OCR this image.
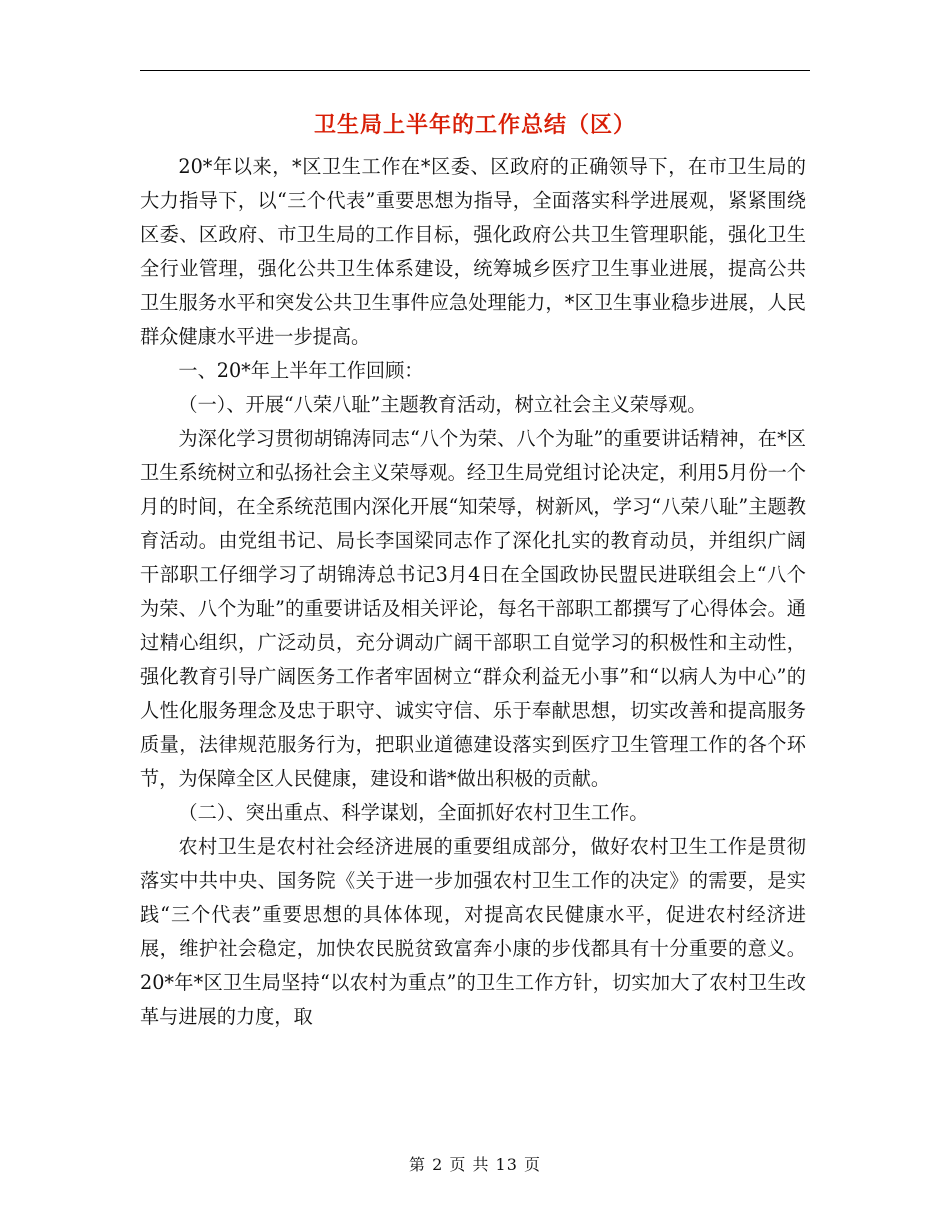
卫生局上半年的工作总结（区）

20*年以来，*区卫生工作在*区委、区政府的正确领导下，在市卫生局的大力指导下，以“三个代表”重要思想为指导，全面落实科学进展观，紧紧围绕区委、区政府、市卫生局的工作目标，强化政府公共卫生管理职能，强化卫生全行业管理，强化公共卫生体系建设，统筹城乡医疗卫生事业进展，提高公共卫生服务水平和突发公共卫生事件应急处理能力，*区卫生事业稳步进展，人民群众健康水平进一步提高。

一、20*年上半年工作回顾：

（一）、开展“八荣八耻”主题教育活动，树立社会主义荣辱观。

为深化学习贯彻胡锦涛同志“八个为荣、八个为耻”的重要讲话精神，在*区卫生系统树立和弘扬社会主义荣辱观。经卫生局党组讨论决定，利用5月份一个月的时间，在全系统范围内深化开展“知荣辱，树新风，学习“八荣八耻”主题教育活动。由党组书记、局长李国梁同志作了深化扎实的教育动员，并组织广阔干部职工仔细学习了胡锦涛总书记3月4日在全国政协民盟民进联组会上“八个为荣、八个为耻”的重要讲话及相关评论，每名干部职工都撰写了心得体会。通过精心组织，广泛动员，充分调动广阔干部职工自觉学习的积极性和主动性，强化教育引导广阔医务工作者牢固树立“群众利益无小事”和“以病人为中心”的人性化服务理念及忠于职守、诚实守信、乐于奉献思想，切实改善和提高服务质量，法律规范服务行为，把职业道德建设落实到医疗卫生管理工作的各个环节，为保障全区人民健康，建设和谐*做出积极的贡献。

（二）、突出重点、科学谋划，全面抓好农村卫生工作。

农村卫生是农村社会经济进展的重要组成部分，做好农村卫生工作是贯彻落实中共中央、国务院《关于进一步加强农村卫生工作的决定》的需要，是实践“三个代表”重要思想的具体体现，对提高农民健康水平，促进农村经济进展，维护社会稳定，加快农民脱贫致富奔小康的步伐都具有十分重要的意义。20*年*区卫生局坚持“以农村为重点”的卫生工作方针，切实加大了农村卫生改革与进展的力度，取

第 2 页 共 13 页
